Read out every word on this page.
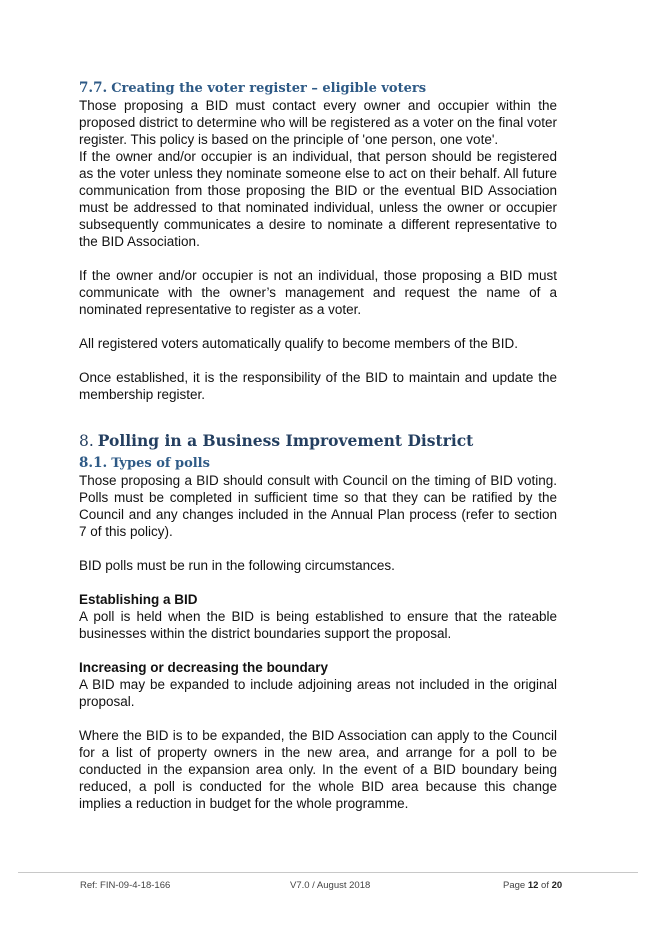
7.7. Creating the voter register – eligible voters

Those proposing a BID must contact every owner and occupier within the proposed district to determine who will be registered as a voter on the final voter register. This policy is based on the principle of 'one person, one vote'.

If the owner and/or occupier is an individual, that person should be registered as the voter unless they nominate someone else to act on their behalf. All future communication from those proposing the BID or the eventual BID Association must be addressed to that nominated individual, unless the owner or occupier subsequently communicates a desire to nominate a different representative to the BID Association.

If the owner and/or occupier is not an individual, those proposing a BID must communicate with the owner’s management and request the name of a nominated representative to register as a voter.

All registered voters automatically qualify to become members of the BID.

Once established, it is the responsibility of the BID to maintain and update the membership register.

8. Polling in a Business Improvement District
8.1. Types of polls

Those proposing a BID should consult with Council on the timing of BID voting. Polls must be completed in sufficient time so that they can be ratified by the Council and any changes included in the Annual Plan process (refer to section 7 of this policy).

BID polls must be run in the following circumstances.

Establishing a BID

A poll is held when the BID is being established to ensure that the rateable businesses within the district boundaries support the proposal.

Increasing or decreasing the boundary

A BID may be expanded to include adjoining areas not included in the original proposal.

Where the BID is to be expanded, the BID Association can apply to the Council for a list of property owners in the new area, and arrange for a poll to be conducted in the expansion area only. In the event of a BID boundary being reduced, a poll is conducted for the whole BID area because this change implies a reduction in budget for the whole programme.

Ref: FIN-09-4-18-166	V7.0 / August 2018	Page 12 of 20
